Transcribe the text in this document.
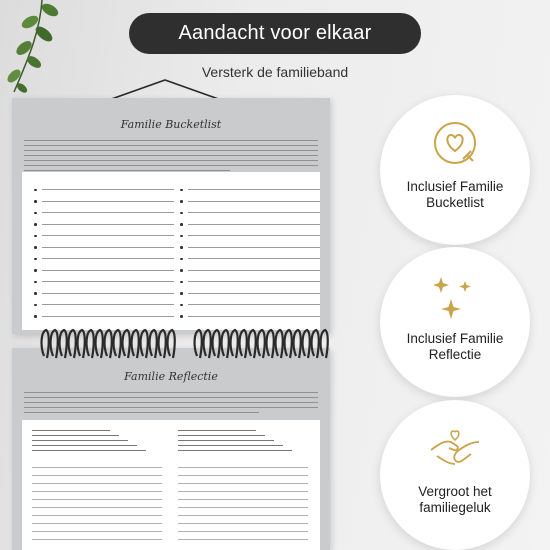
Aandacht voor elkaar
Versterk de familieband
Familie Bucketlist
Familie Reflectie
Inclusief Familie Bucketlist
Inclusief Familie Reflectie
Vergroot het familiegeluk
